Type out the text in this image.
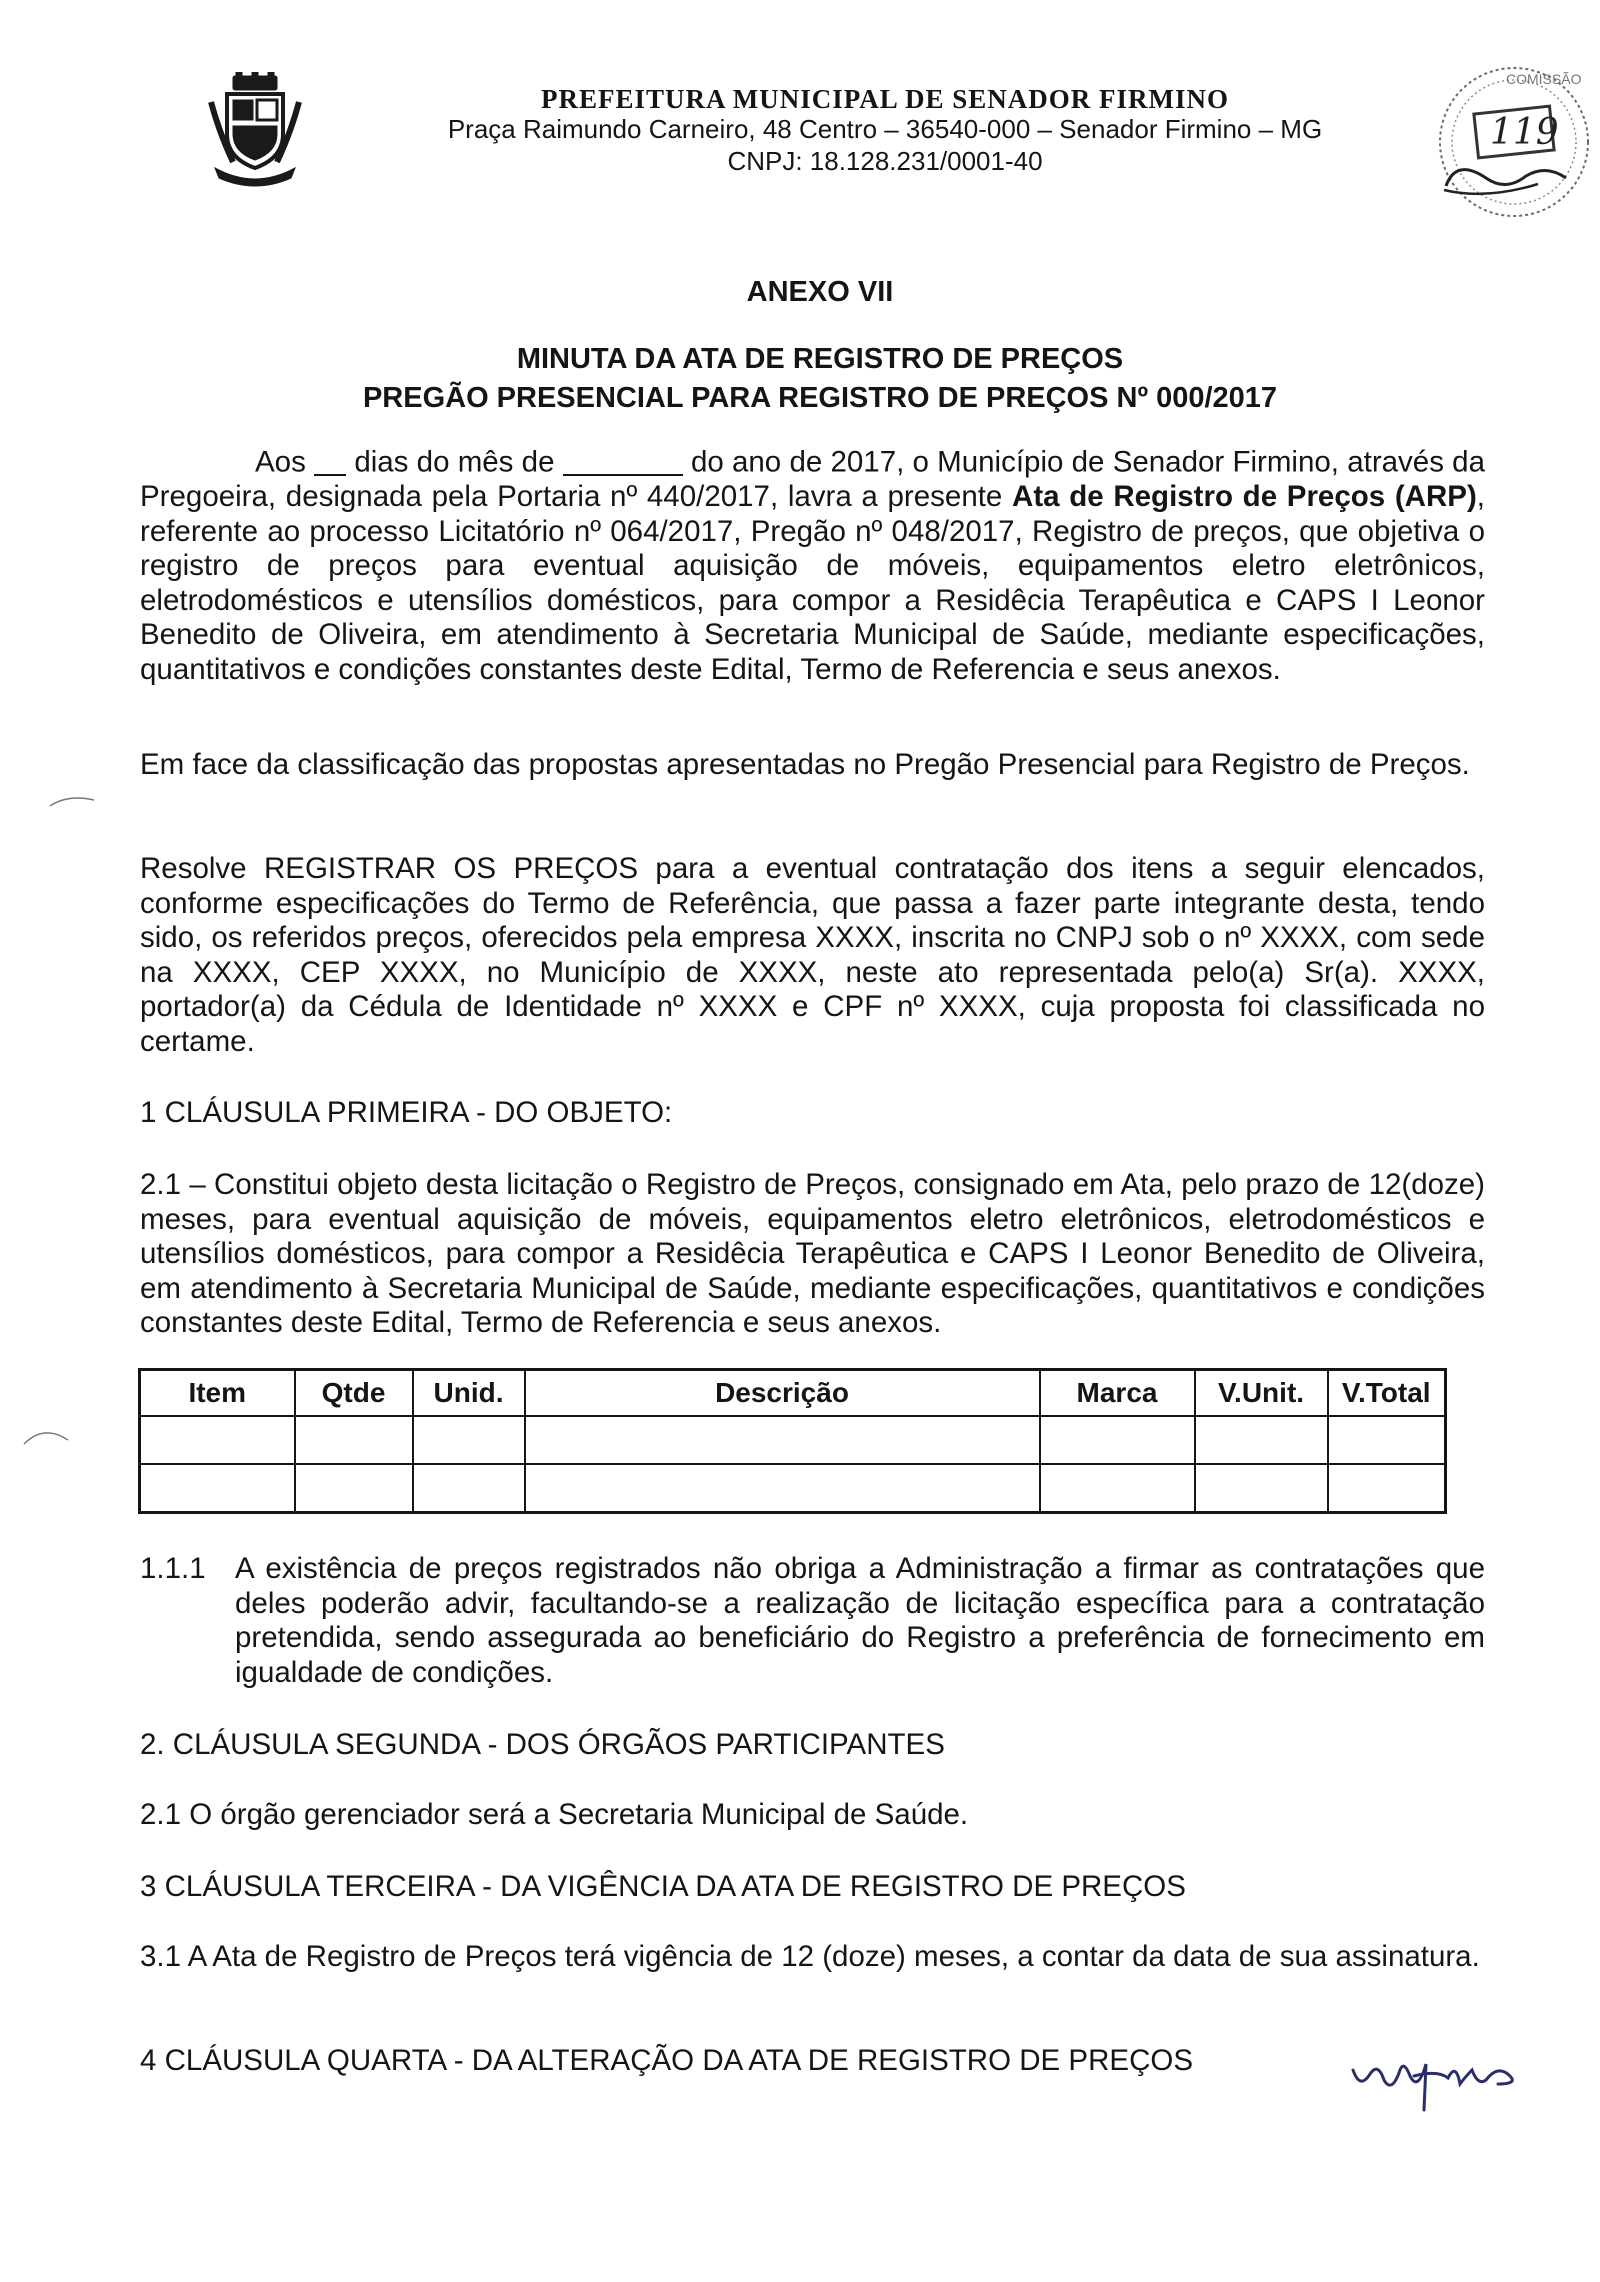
PREFEITURA MUNICIPAL DE SENADOR FIRMINO
Praça Raimundo Carneiro, 48 Centro – 36540-000 – Senador Firmino – MG
CNPJ: 18.128.231/0001-40
COMISSÃO
119
ANEXO VII
MINUTA DA ATA DE REGISTRO DE PREÇOS
PREGÃO PRESENCIAL PARA REGISTRO DE PREÇOS Nº 000/2017
Aos dias do mês de	do ano de 2017, o Município de Senador Firmino, através da Pregoeira, designada pela Portaria nº 440/2017, lavra a presente Ata de Registro de Preços (ARP), referente ao processo Licitatório nº 064/2017, Pregão nº 048/2017, Registro de preços, que objetiva o registro de preços para eventual aquisição de móveis, equipamentos eletro eletrônicos, eletrodomésticos e utensílios domésticos, para compor a Residêcia Terapêutica e CAPS I Leonor Benedito de Oliveira, em atendimento à Secretaria Municipal de Saúde, mediante especificações, quantitativos e condições constantes deste Edital, Termo de Referencia e seus anexos.
Em face da classificação das propostas apresentadas no Pregão Presencial para Registro de Preços.
Resolve REGISTRAR OS PREÇOS para a eventual contratação dos itens a seguir elencados, conforme especificações do Termo de Referência, que passa a fazer parte integrante desta, tendo sido, os referidos preços, oferecidos pela empresa XXXX, inscrita no CNPJ sob o nº XXXX, com sede na XXXX, CEP XXXX, no Município de XXXX, neste ato representada pelo(a) Sr(a). XXXX, portador(a) da Cédula de Identidade nº XXXX e CPF nº XXXX, cuja proposta foi classificada no certame.
1 CLÁUSULA PRIMEIRA - DO OBJETO:
2.1 – Constitui objeto desta licitação o Registro de Preços, consignado em Ata, pelo prazo de 12(doze) meses, para eventual aquisição de móveis, equipamentos eletro eletrônicos, eletrodomésticos e utensílios domésticos, para compor a Residêcia Terapêutica e CAPS I Leonor Benedito de Oliveira, em atendimento à Secretaria Municipal de Saúde, mediante especificações, quantitativos e condições constantes deste Edital, Termo de Referencia e seus anexos.
Item	Qtde	Unid.	Descrição	Marca	V.Unit.	V.Total

1.1.1 A existência de preços registrados não obriga a Administração a firmar as contratações que deles poderão advir, facultando-se a realização de licitação específica para a contratação pretendida, sendo assegurada ao beneficiário do Registro a preferência de fornecimento em igualdade de condições.
2. CLÁUSULA SEGUNDA - DOS ÓRGÃOS PARTICIPANTES
2.1 O órgão gerenciador será a Secretaria Municipal de Saúde.
3 CLÁUSULA TERCEIRA - DA VIGÊNCIA DA ATA DE REGISTRO DE PREÇOS
3.1 A Ata de Registro de Preços terá vigência de 12 (doze) meses, a contar da data de sua assinatura.
4 CLÁUSULA QUARTA - DA ALTERAÇÃO DA ATA DE REGISTRO DE PREÇOS
